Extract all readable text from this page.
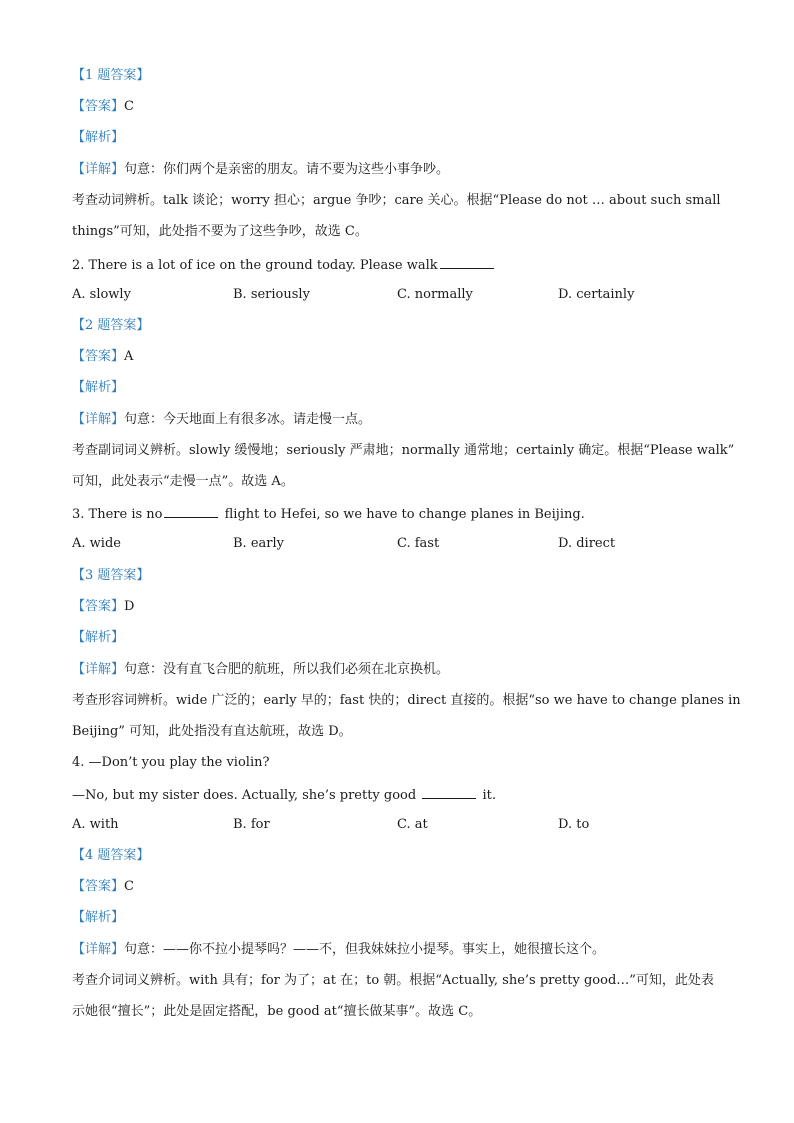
【1 题答案】
【答案】C
【解析】
【详解】句意：你们两个是亲密的朋友。请不要为这些小事争吵。
考查动词辨析。talk 谈论；worry 担心；argue 争吵；care 关心。根据“Please do not … about such small
things”可知，此处指不要为了这些争吵，故选 C。
2. There is a lot of ice on the ground today. Please walk
A. slowly	B. seriously	C. normally	D. certainly
【2 题答案】
【答案】A
【解析】
【详解】句意：今天地面上有很多冰。请走慢一点。
考查副词词义辨析。slowly 缓慢地；seriously 严肃地；normally 通常地；certainly 确定。根据“Please walk”
可知，此处表示“走慢一点”。故选 A。
3. There is no	flight to Hefei, so we have to change planes in Beijing.
A. wide	B. early	C. fast	D. direct
【3 题答案】
【答案】D
【解析】
【详解】句意：没有直飞合肥的航班，所以我们必须在北京换机。
考查形容词辨析。wide 广泛的；early 早的；fast 快的；direct 直接的。根据“so we have to change planes in
Beijing” 可知，此处指没有直达航班，故选 D。
4. —Don’t you play the violin?
—No, but my sister does. Actually, she’s pretty good	it.
A. with	B. for	C. at	D. to
【4 题答案】
【答案】C
【解析】
【详解】句意：——你不拉小提琴吗？——不，但我妹妹拉小提琴。事实上，她很擅长这个。
考查介词词义辨析。with 具有；for 为了；at 在；to 朝。根据“Actually, she’s pretty good…”可知，此处表
示她很“擅长”；此处是固定搭配，be good at“擅长做某事”。故选 C。
